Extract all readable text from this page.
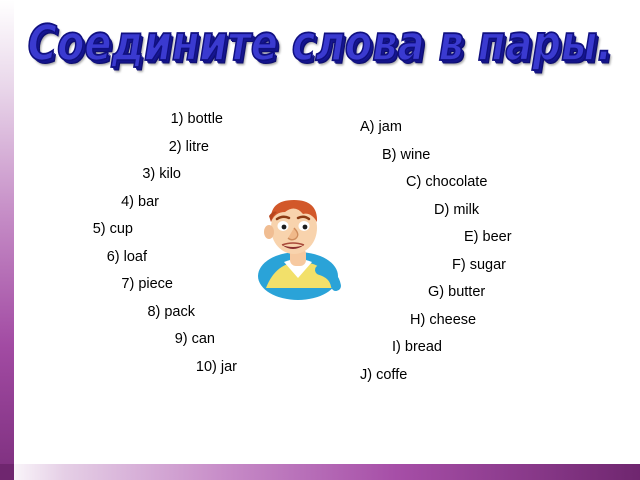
Соедините слова в пары.
1) bottle
2) litre
3) kilo
4) bar
5) cup
6) loaf
7) piece
8) pack
9) can
10) jar
A) jam
B) wine
C) chocolate
D) milk
E) beer
F) sugar
G) butter
H) cheese
I) bread
J) coffe
